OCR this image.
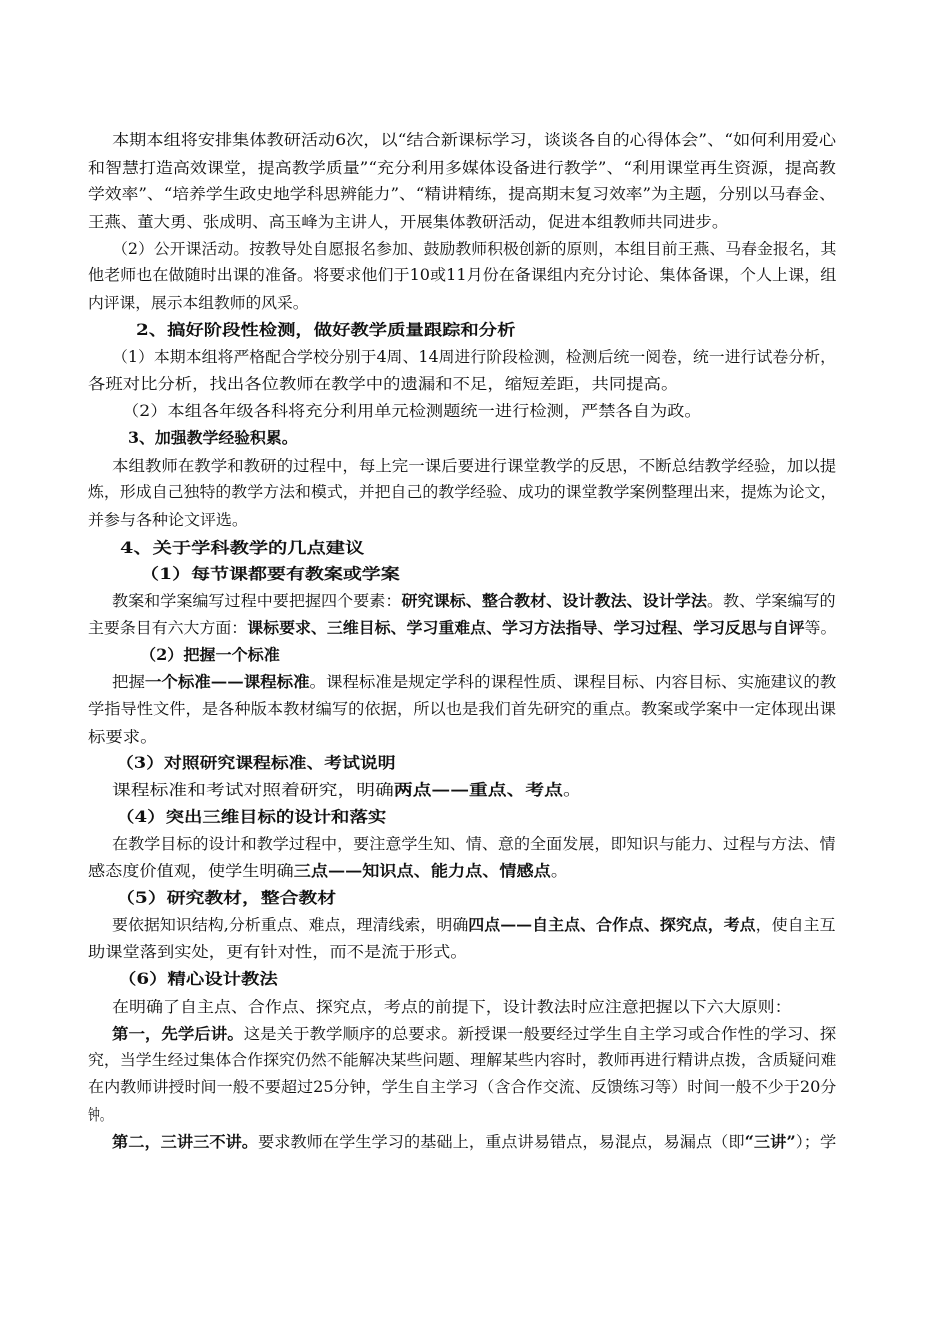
本期本组将安排集体教研活动6次，以“结合新课标学习，谈谈各自的心得体会”、“如何利用爱心
和智慧打造高效课堂，提高教学质量”“充分利用多媒体设备进行教学”、“利用课堂再生资源，提高教
学效率”、“培养学生政史地学科思辨能力”、“精讲精练，提高期末复习效率”为主题，分别以马春金、
王燕、董大勇、张成明、高玉峰为主讲人，开展集体教研活动，促进本组教师共同进步。
（2）公开课活动。按教导处自愿报名参加、鼓励教师积极创新的原则，本组目前王燕、马春金报名，其
他老师也在做随时出课的准备。将要求他们于10或11月份在备课组内充分讨论、集体备课，个人上课，组
内评课，展示本组教师的风采。
2、搞好阶段性检测，做好教学质量跟踪和分析
（1）本期本组将严格配合学校分别于4周、14周进行阶段检测，检测后统一阅卷，统一进行试卷分析，
各班对比分析，找出各位教师在教学中的遗漏和不足，缩短差距，共同提高。
（2）本组各年级各科将充分利用单元检测题统一进行检测，严禁各自为政。
3、加强教学经验积累。
本组教师在教学和教研的过程中，每上完一课后要进行课堂教学的反思，不断总结教学经验，加以提
炼，形成自己独特的教学方法和模式，并把自己的教学经验、成功的课堂教学案例整理出来，提炼为论文，
并参与各种论文评选。
4、关于学科教学的几点建议
（1）每节课都要有教案或学案
教案和学案编写过程中要把握四个要素：研究课标、整合教材、设计教法、设计学法。教、学案编写的
主要条目有六大方面：课标要求、三维目标、学习重难点、学习方法指导、学习过程、学习反思与自评等。
（2）把握一个标准
把握一个标准——课程标准。课程标准是规定学科的课程性质、课程目标、内容目标、实施建议的教
学指导性文件，是各种版本教材编写的依据，所以也是我们首先研究的重点。教案或学案中一定体现出课
标要求。
（3）对照研究课程标准、考试说明
课程标准和考试对照着研究，明确两点——重点、考点。
（4）突出三维目标的设计和落实
在教学目标的设计和教学过程中，要注意学生知、情、意的全面发展，即知识与能力、过程与方法、情
感态度价值观，使学生明确三点——知识点、能力点、情感点。
（5）研究教材，整合教材
要依据知识结构,分析重点、难点，理清线索，明确四点——自主点、合作点、探究点，考点，使自主互
助课堂落到实处，更有针对性，而不是流于形式。
（6）精心设计教法
在明确了自主点、合作点、探究点，考点的前提下，设计教法时应注意把握以下六大原则：
第一，先学后讲。这是关于教学顺序的总要求。新授课一般要经过学生自主学习或合作性的学习、探
究，当学生经过集体合作探究仍然不能解决某些问题、理解某些内容时，教师再进行精讲点拨，含质疑问难
在内教师讲授时间一般不要超过25分钟，学生自主学习（含合作交流、反馈练习等）时间一般不少于20分
钟。
第二，三讲三不讲。要求教师在学生学习的基础上，重点讲易错点，易混点，易漏点（即“三讲”）；学
